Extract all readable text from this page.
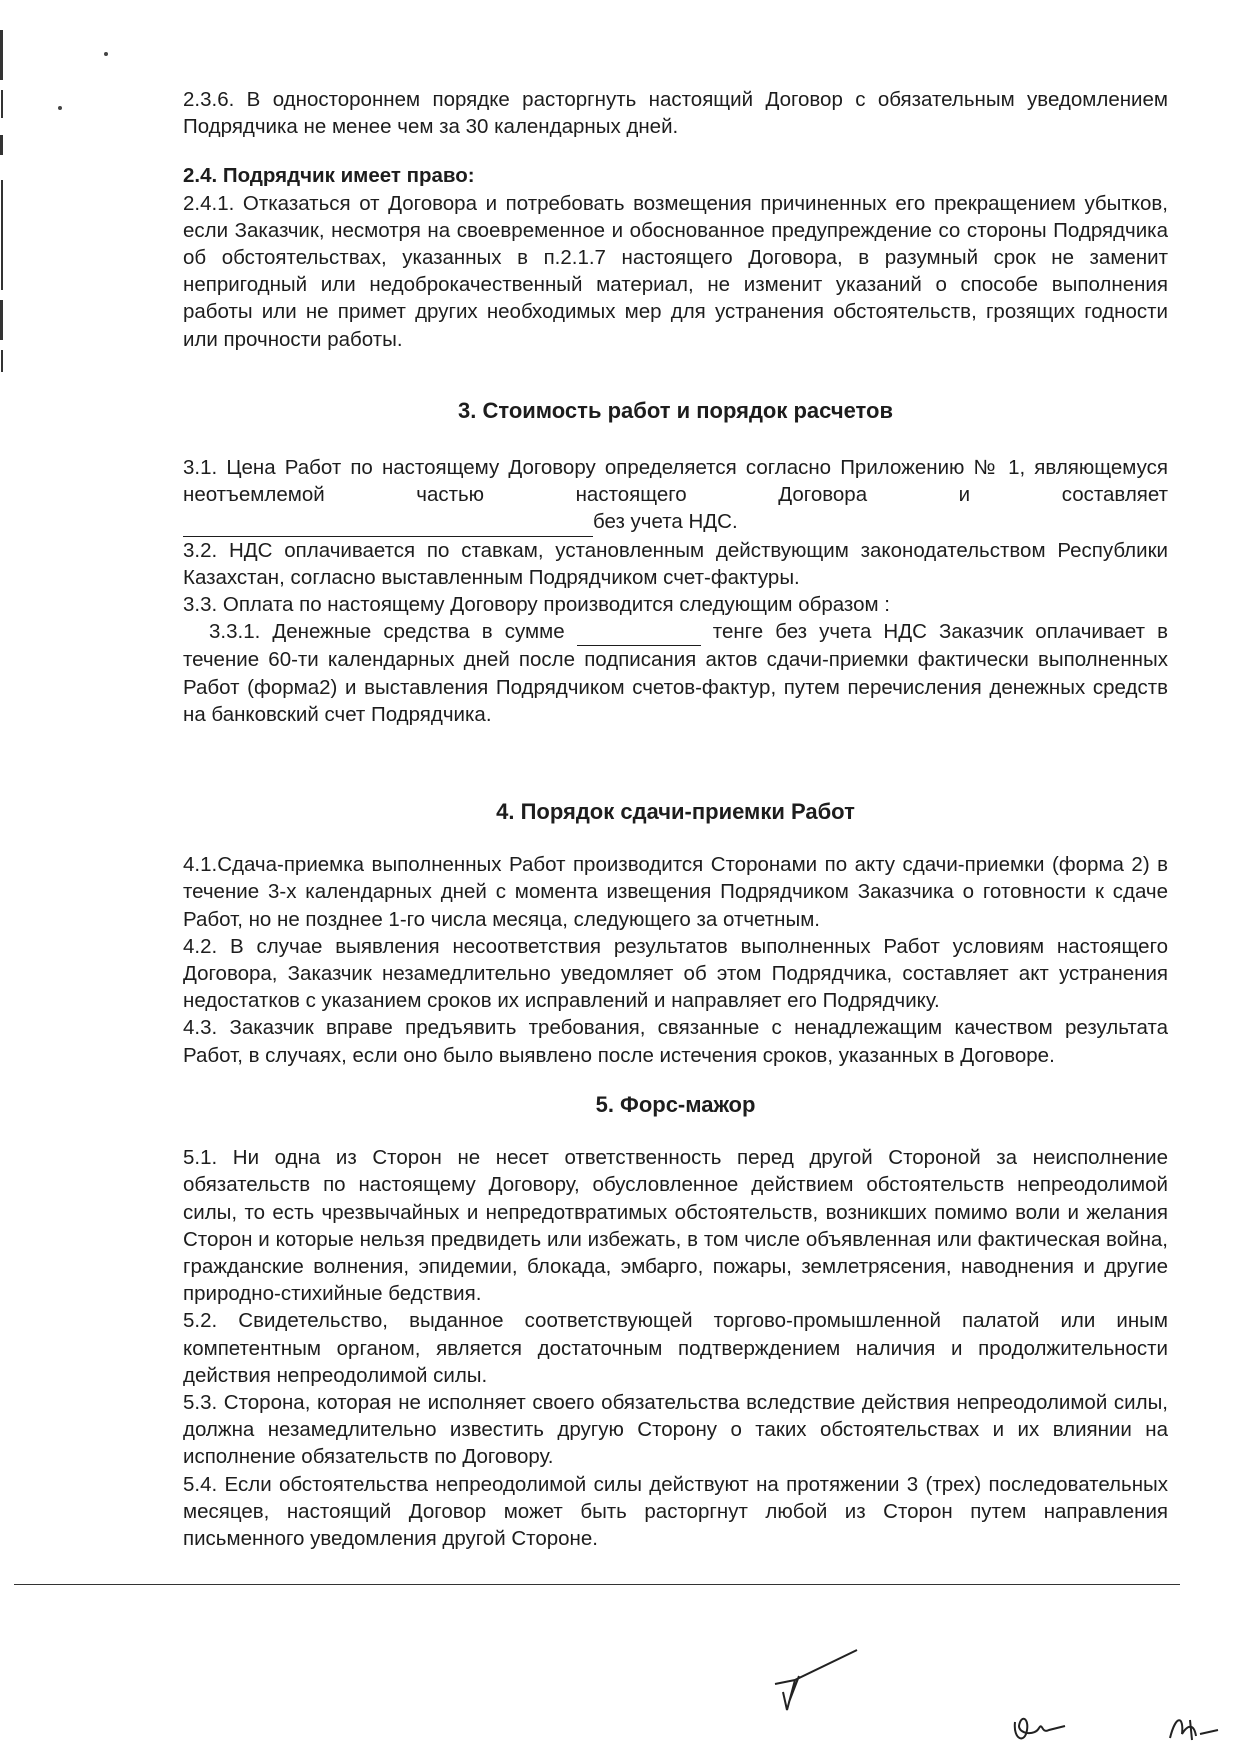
2.3.6. В одностороннем порядке расторгнуть настоящий Договор с обязательным уведомлением Подрядчика не менее чем за 30 календарных дней.

2.4. Подрядчик имеет право:

2.4.1. Отказаться от Договора и потребовать возмещения причиненных его прекращением убытков, если Заказчик, несмотря на своевременное и обоснованное предупреждение со стороны Подрядчика об обстоятельствах, указанных в п.2.1.7 настоящего Договора, в разумный срок не заменит непригодный или недоброкачественный материал, не изменит указаний о способе выполнения работы или не примет других необходимых мер для устранения обстоятельств, грозящих годности или прочности работы.

3. Стоимость работ и порядок расчетов

3.1. Цена Работ по настоящему Договору определяется согласно Приложению № 1, являющемуся неотъемлемой частью настоящего Договора и составляет

без учета НДС.

3.2. НДС оплачивается по ставкам, установленным действующим законодательством Республики Казахстан, согласно выставленным Подрядчиком счет-фактуры.

3.3. Оплата по настоящему Договору производится следующим образом :

3.3.1. Денежные средства в сумме	тенге без учета НДС Заказчик оплачивает в течение 60-ти календарных дней после подписания актов сдачи-приемки фактически выполненных Работ (форма2) и выставления Подрядчиком счетов-фактур, путем перечисления денежных средств на банковский счет Подрядчика.

4. Порядок сдачи-приемки Работ

4.1.Сдача-приемка выполненных Работ производится Сторонами по акту сдачи-приемки (форма 2) в течение 3-х календарных дней с момента извещения Подрядчиком Заказчика о готовности к сдаче Работ, но не позднее 1-го числа месяца, следующего за отчетным.

4.2. В случае выявления несоответствия результатов выполненных Работ условиям настоящего Договора, Заказчик незамедлительно уведомляет об этом Подрядчика, составляет акт устранения недостатков с указанием сроков их исправлений и направляет его Подрядчику.

4.3. Заказчик вправе предъявить требования, связанные с ненадлежащим качеством результата Работ, в случаях, если оно было выявлено после истечения сроков, указанных в Договоре.

5. Форс-мажор

5.1. Ни одна из Сторон не несет ответственность перед другой Стороной за неисполнение обязательств по настоящему Договору, обусловленное действием обстоятельств непреодолимой силы, то есть чрезвычайных и непредотвратимых обстоятельств, возникших помимо воли и желания Сторон и которые нельзя предвидеть или избежать, в том числе объявленная или фактическая война, гражданские волнения, эпидемии, блокада, эмбарго, пожары, землетрясения, наводнения и другие природно-стихийные бедствия.

5.2. Свидетельство, выданное соответствующей торгово-промышленной палатой или иным компетентным органом, является достаточным подтверждением наличия и продолжительности действия непреодолимой силы.

5.3. Сторона, которая не исполняет своего обязательства вследствие действия непреодолимой силы, должна незамедлительно известить другую Сторону о таких обстоятельствах и их влиянии на исполнение обязательств по Договору.

5.4. Если обстоятельства непреодолимой силы действуют на протяжении 3 (трех) последовательных месяцев, настоящий Договор может быть расторгнут любой из Сторон путем направления письменного уведомления другой Стороне.
